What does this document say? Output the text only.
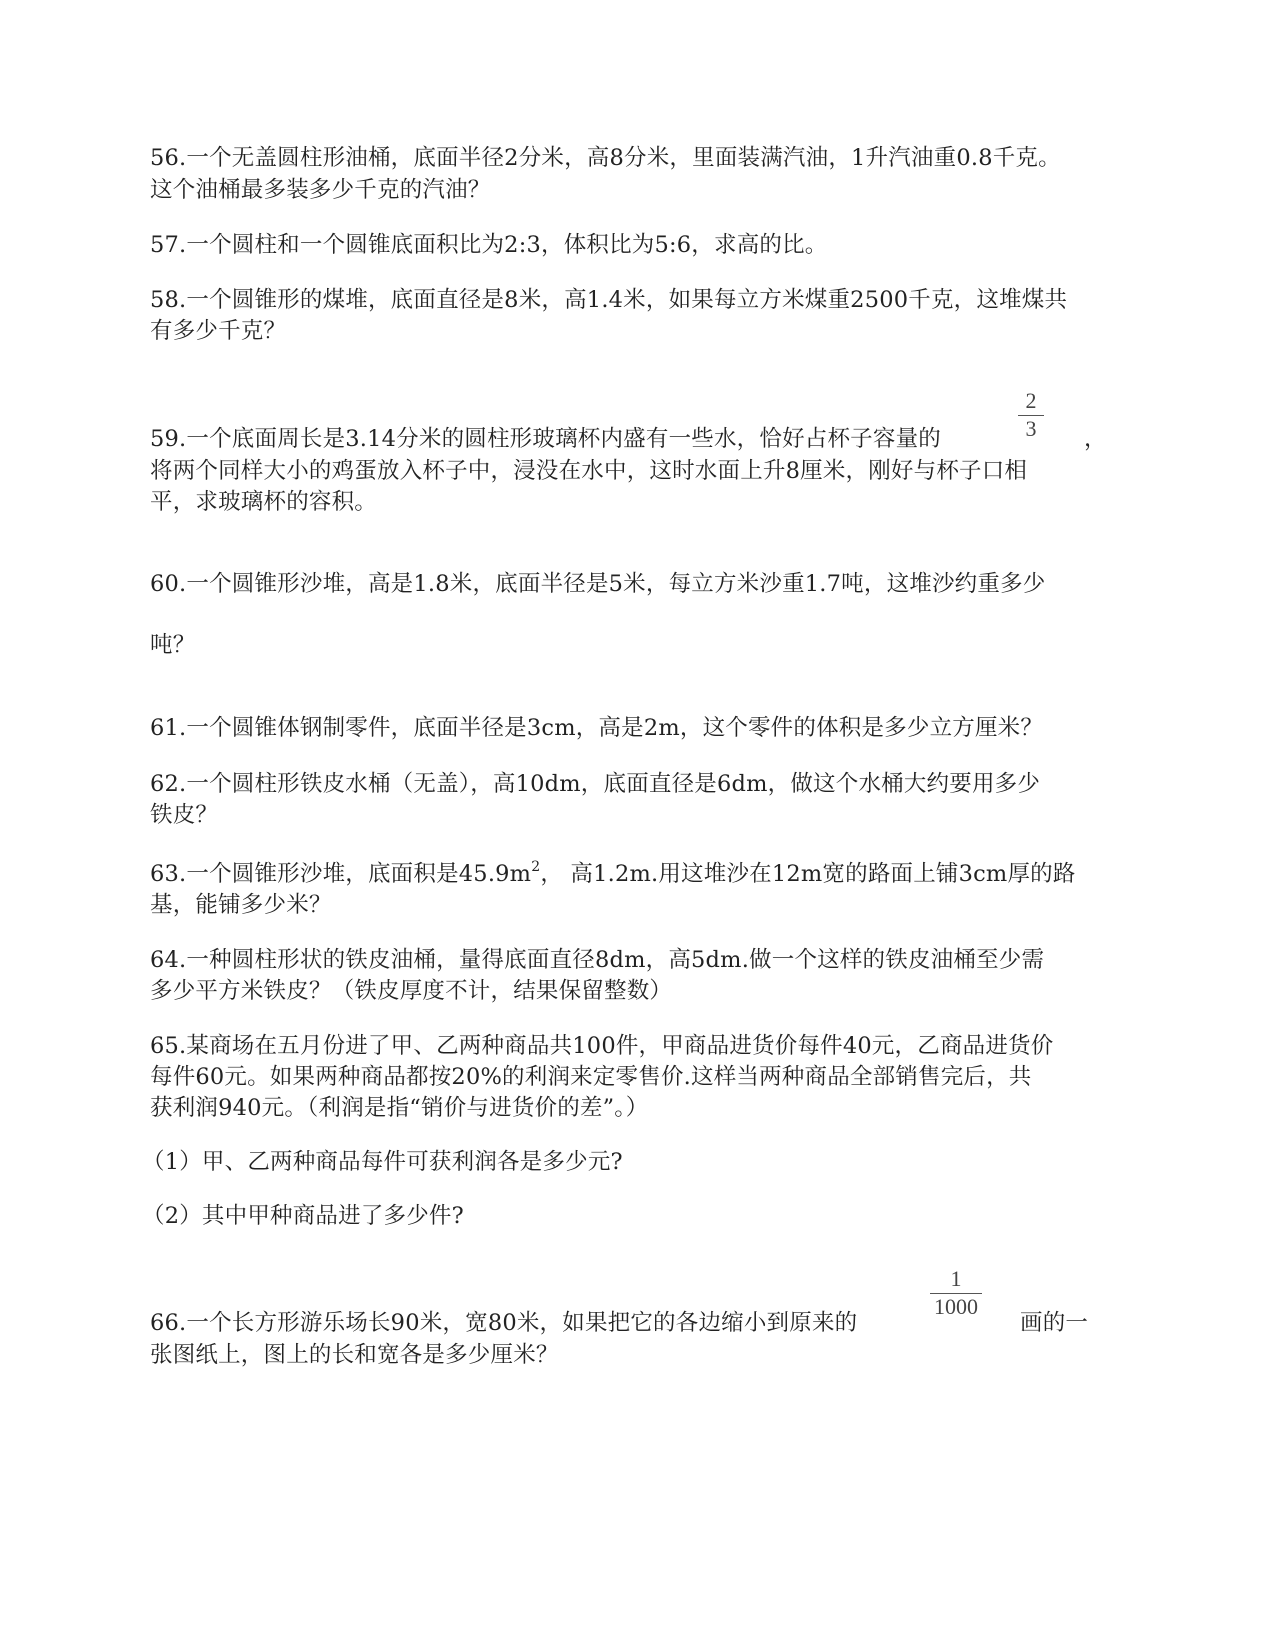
56.一个无盖圆柱形油桶，底面半径2分米，高8分米，里面装满汽油，1升汽油重0.8千克。
这个油桶最多装多少千克的汽油？
57.一个圆柱和一个圆锥底面积比为2:3，体积比为5:6，求高的比。
58.一个圆锥形的煤堆，底面直径是8米，高1.4米，如果每立方米煤重2500千克，这堆煤共
有多少千克？
2
3
59.一个底面周长是3.14分米的圆柱形玻璃杯内盛有一些水，恰好占杯子容量的	，
将两个同样大小的鸡蛋放入杯子中，浸没在水中，这时水面上升8厘米，刚好与杯子口相
平，求玻璃杯的容积。
60.一个圆锥形沙堆，高是1.8米，底面半径是5米，每立方米沙重1.7吨，这堆沙约重多少
吨？
61.一个圆锥体钢制零件，底面半径是3cm，高是2m，这个零件的体积是多少立方厘米？
62.一个圆柱形铁皮水桶（无盖），高10dm，底面直径是6dm，做这个水桶大约要用多少
铁皮？
63.一个圆锥形沙堆，底面积是$45.9m^2$， 高1.2m.用这堆沙在12m宽的路面上铺3cm厚的路
基，能铺多少米？
64.一种圆柱形状的铁皮油桶，量得底面直径8dm，高5dm.做一个这样的铁皮油桶至少需
多少平方米铁皮？（铁皮厚度不计，结果保留整数）
65.某商场在五月份进了甲、乙两种商品共100件，甲商品进货价每件40元，乙商品进货价
每件60元。如果两种商品都按20%的利润来定零售价.这样当两种商品全部销售完后，共
获利润940元。（利润是指“销价与进货价的差”。）
（1）甲、乙两种商品每件可获利润各是多少元?
（2）其中甲种商品进了多少件?
1
1000
66.一个长方形游乐场长90米，宽80米，如果把它的各边缩小到原来的	画的一
张图纸上，图上的长和宽各是多少厘米？
